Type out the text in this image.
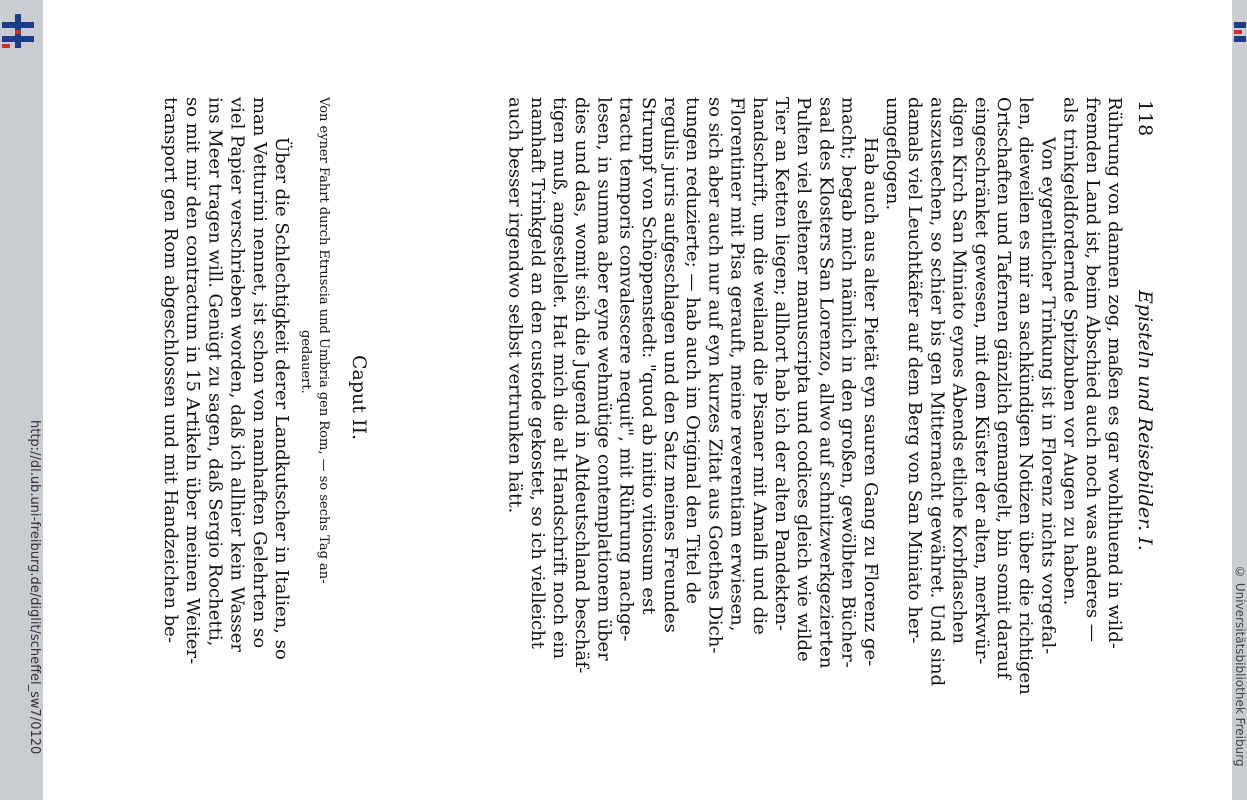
http://dl.ub.uni-freiburg.de/diglit/scheffel_sw7/0120
118
Episteln und Reisebilder. I.
Caput II.
Von eyner Fahrt durch Etruscia und Umbria gen Rom, — so sechs Tag an-
gedauert.	Rührung von dannen zog, maßen es gar wohlthuend in wild-
fremden Land ist, beim Abschied auch noch was anderes —
als trinkgeldfordernde Spitzbuben vor Augen zu haben.
Von eygentlicher Trinkung ist in Florenz nichts vorgefal-
len, dieweilen es mir an sachkündigen Notizen über die richtigen
Ortschaften und Tafernen gänzlich gemangelt, bin somit darauf
eingeschränket gewesen, mit dem Küster der alten, merkwür-
digen Kirch San Miniato eynes Abends etliche Korbflaschen
auszustechen, so schier bis gen Mitternacht gewähret. Und sind
damals viel Leuchtkäfer auf dem Berg von San Miniato her-
umgeflogen.
Hab auch aus alter Pietät eyn sauren Gang zu Florenz ge-
macht; begab mich nämlich in den großen, gewölbten Bücher-
saal des Klosters San Lorenzo, allwo auf schnitzwerkgezierten
Pulten viel seltener manuscripta und codices gleich wie wilde
Tier an Ketten liegen; allhort hab ich der alten Pandekten-
handschrift, um die weiland die Pisaner mit Amalfi und die
Florentiner mit Pisa gerauft, meine reverentiam erwiesen,
so sich aber auch nur auf eyn kurzes Zitat aus Goethes Dich-
tungen reduzierte; — hab auch im Original den Titel de
regulis juris aufgeschlagen und den Satz meines Freundes
Strumpf von Schöppenstedt: "quod ab initio vitiosum est
tractu temporis convalescere nequit", mit Rührung nachge-
lesen, in summa aber eyne wehmütige contemplationem über
dies und das, womit sich die Jugend in Altdeutschland beschäf-
tigen muß, angestellet. Hat mich die alt Handschrift noch ein
namhaft Trinkgeld an den custode gekostet, so ich vielleicht
auch besser irgendwo selbst vertrunken hätt.
Über die Schlechtigkeit derer Landkutscher in Italien, so
man Vetturini nennet, ist schon von namhaften Gelehrten so
viel Papier verschrieben worden, daß ich allhier kein Wasser
ins Meer tragen will. Genügt zu sagen, daß Sergio Rochetti,
so mit mir den contractum in 15 Artikeln über meinen Weiter-
transport gen Rom abgeschlossen und mit Handzeichen be-
© Universitätsbibliothek Freiburg
